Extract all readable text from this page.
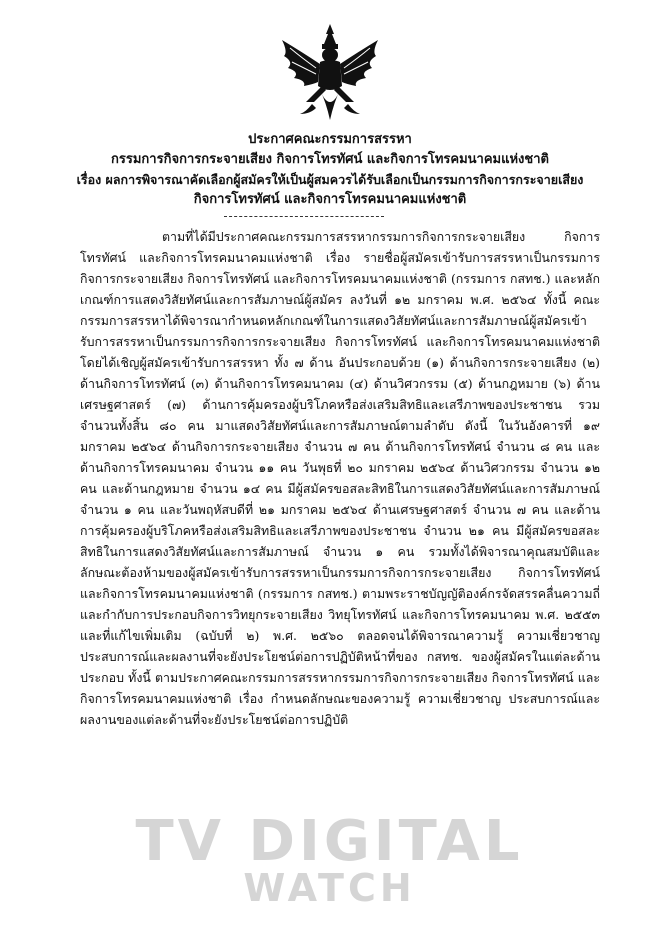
ประกาศคณะกรรมการสรรหา
กรรมการกิจการกระจายเสียง กิจการโทรทัศน์ และกิจการโทรคมนาคมแห่งชาติ
เรื่อง ผลการพิจารณาคัดเลือกผู้สมัครให้เป็นผู้สมควรได้รับเลือกเป็นกรรมการกิจการกระจายเสียง
กิจการโทรทัศน์ และกิจการโทรคมนาคมแห่งชาติ

ตามที่ได้มีประกาศคณะกรรมการสรรหากรรมการกิจการกระจายเสียง กิจการโทรทัศน์ และกิจการโทรคมนาคมแห่งชาติ เรื่อง รายชื่อผู้สมัครเข้ารับการสรรหาเป็นกรรมการกิจการกระจายเสียง กิจการโทรทัศน์ และกิจการโทรคมนาคมแห่งชาติ (กรรมการ กสทช.) และหลักเกณฑ์การแสดงวิสัยทัศน์และการสัมภาษณ์ผู้สมัคร ลงวันที่ ๑๒ มกราคม พ.ศ. ๒๕๖๔ ทั้งนี้ คณะกรรมการสรรหาได้พิจารณากำหนดหลักเกณฑ์ในการแสดงวิสัยทัศน์และการสัมภาษณ์ผู้สมัครเข้ารับการสรรหาเป็นกรรมการกิจการกระจายเสียง กิจการโทรทัศน์ และกิจการโทรคมนาคมแห่งชาติ โดยได้เชิญผู้สมัครเข้ารับการสรรหา ทั้ง ๗ ด้าน อันประกอบด้วย (๑) ด้านกิจการกระจายเสียง (๒) ด้านกิจการโทรทัศน์ (๓) ด้านกิจการโทรคมนาคม (๔) ด้านวิศวกรรม (๕) ด้านกฎหมาย (๖) ด้านเศรษฐศาสตร์ (๗) ด้านการคุ้มครองผู้บริโภคหรือส่งเสริมสิทธิและเสรีภาพของประชาชน รวมจำนวนทั้งสิ้น ๘๐ คน มาแสดงวิสัยทัศน์และการสัมภาษณ์ตามลำดับ ดังนี้ ในวันอังคารที่ ๑๙ มกราคม ๒๕๖๔ ด้านกิจการกระจายเสียง จำนวน ๗ คน ด้านกิจการโทรทัศน์ จำนวน ๘ คน และด้านกิจการโทรคมนาคม จำนวน ๑๑ คน วันพุธที่ ๒๐ มกราคม ๒๕๖๔ ด้านวิศวกรรม จำนวน ๑๒ คน และด้านกฎหมาย จำนวน ๑๔ คน มีผู้สมัครขอสละสิทธิในการแสดงวิสัยทัศน์และการสัมภาษณ์ จำนวน ๑ คน และวันพฤหัสบดีที่ ๒๑ มกราคม ๒๕๖๔ ด้านเศรษฐศาสตร์ จำนวน ๗ คน และด้านการคุ้มครองผู้บริโภคหรือส่งเสริมสิทธิและเสรีภาพของประชาชน จำนวน ๒๑ คน มีผู้สมัครขอสละสิทธิในการแสดงวิสัยทัศน์และการสัมภาษณ์ จำนวน ๑ คน รวมทั้งได้พิจารณาคุณสมบัติและลักษณะต้องห้ามของผู้สมัครเข้ารับการสรรหาเป็นกรรมการกิจการกระจายเสียง กิจการโทรทัศน์ และกิจการโทรคมนาคมแห่งชาติ (กรรมการ กสทช.) ตามพระราชบัญญัติองค์กรจัดสรรคลื่นความถี่และกำกับการประกอบกิจการวิทยุกระจายเสียง วิทยุโทรทัศน์ และกิจการโทรคมนาคม พ.ศ. ๒๕๕๓ และที่แก้ไขเพิ่มเติม (ฉบับที่ ๒) พ.ศ. ๒๕๖๐ ตลอดจนได้พิจารณาความรู้ ความเชี่ยวชาญ ประสบการณ์และผลงานที่จะยังประโยชน์ต่อการปฏิบัติหน้าที่ของ กสทช. ของผู้สมัครในแต่ละด้านประกอบ ทั้งนี้ ตามประกาศคณะกรรมการสรรหากรรมการกิจการกระจายเสียง กิจการโทรทัศน์ และกิจการโทรคมนาคมแห่งชาติ เรื่อง กำหนดลักษณะของความรู้ ความเชี่ยวชาญ ประสบการณ์และผลงานของแต่ละด้านที่จะยังประโยชน์ต่อการปฏิบัติ

TV DIGITAL
WATCH
